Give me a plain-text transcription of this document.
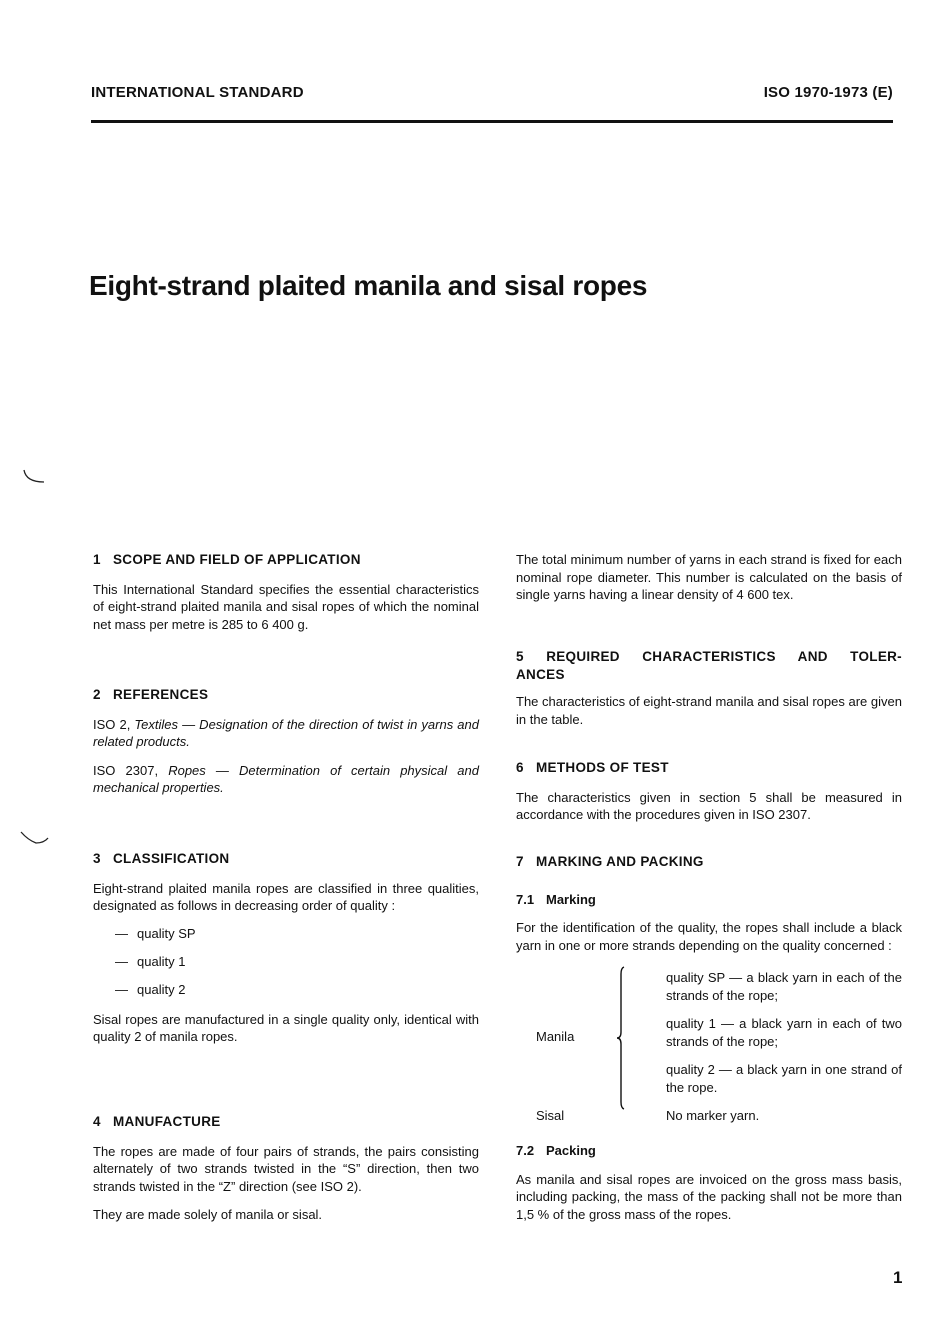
INTERNATIONAL STANDARD	ISO 1970-1973 (E)
Eight-strand plaited manila and sisal ropes
1 SCOPE AND FIELD OF APPLICATION

This International Standard specifies the essential characteristics of eight-strand plaited manila and sisal ropes of which the nominal net mass per metre is 285 to 6 400 g.

2 REFERENCES

ISO 2, Textiles — Designation of the direction of twist in yarns and related products.

ISO 2307, Ropes — Determination of certain physical and mechanical properties.

3 CLASSIFICATION

Eight-strand plaited manila ropes are classified in three qualities, designated as follows in decreasing order of quality :

— quality SP
— quality 1
— quality 2

Sisal ropes are manufactured in a single quality only, identical with quality 2 of manila ropes.

4 MANUFACTURE

The ropes are made of four pairs of strands, the pairs consisting alternately of two strands twisted in the “S” direction, then two strands twisted in the “Z” direction (see ISO 2).

They are made solely of manila or sisal.

The total minimum number of yarns in each strand is fixed for each nominal rope diameter. This number is calculated on the basis of single yarns having a linear density of 4 600 tex.

5 REQUIRED CHARACTERISTICS AND TOLER-
ANCES

The characteristics of eight-strand manila and sisal ropes are given in the table.

6 METHODS OF TEST

The characteristics given in section 5 shall be measured in accordance with the procedures given in ISO 2307.

7 MARKING AND PACKING
7.1 Marking

For the identification of the quality, the ropes shall include a black yarn in one or more strands depending on the quality concerned :

Manila
quality SP — a black yarn in each of the strands of the rope;
quality 1 — a black yarn in each of two strands of the rope;
quality 2 — a black yarn in one strand of the rope.
Sisal	No marker yarn.
7.2 Packing

As manila and sisal ropes are invoiced on the gross mass basis, including packing, the mass of the packing shall not be more than 1,5 % of the gross mass of the ropes.

1
